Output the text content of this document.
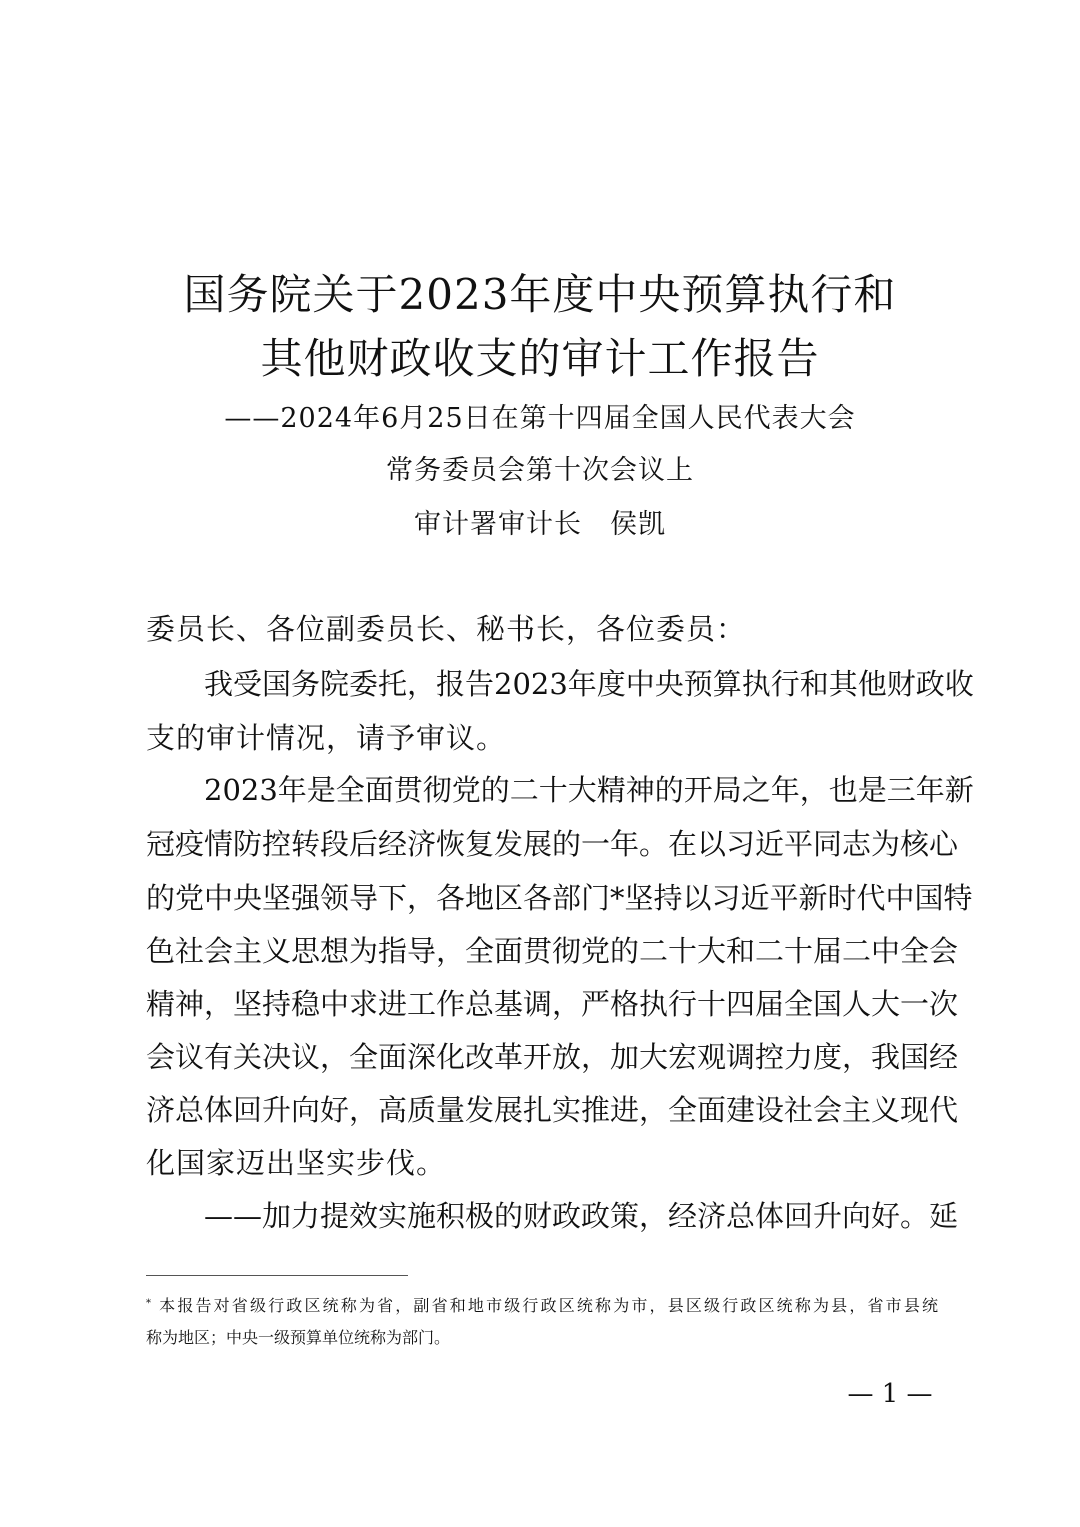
国务院关于2023年度中央预算执行和
其他财政收支的审计工作报告
——2024年6月25日在第十四届全国人民代表大会
常务委员会第十次会议上
审计署审计长　侯凯
委员长、各位副委员长、秘书长，各位委员：
我受国务院委托，报告2023年度中央预算执行和其他财政收
支的审计情况，请予审议。
2023年是全面贯彻党的二十大精神的开局之年，也是三年新
冠疫情防控转段后经济恢复发展的一年。在以习近平同志为核心
的党中央坚强领导下，各地区各部门*坚持以习近平新时代中国特
色社会主义思想为指导，全面贯彻党的二十大和二十届二中全会
精神，坚持稳中求进工作总基调，严格执行十四届全国人大一次
会议有关决议，全面深化改革开放，加大宏观调控力度，我国经
济总体回升向好，高质量发展扎实推进，全面建设社会主义现代
化国家迈出坚实步伐。
——加力提效实施积极的财政政策，经济总体回升向好。延
* 本报告对省级行政区统称为省，副省和地市级行政区统称为市，县区级行政区统称为县，省市县统
称为地区；中央一级预算单位统称为部门。
— 1 —
